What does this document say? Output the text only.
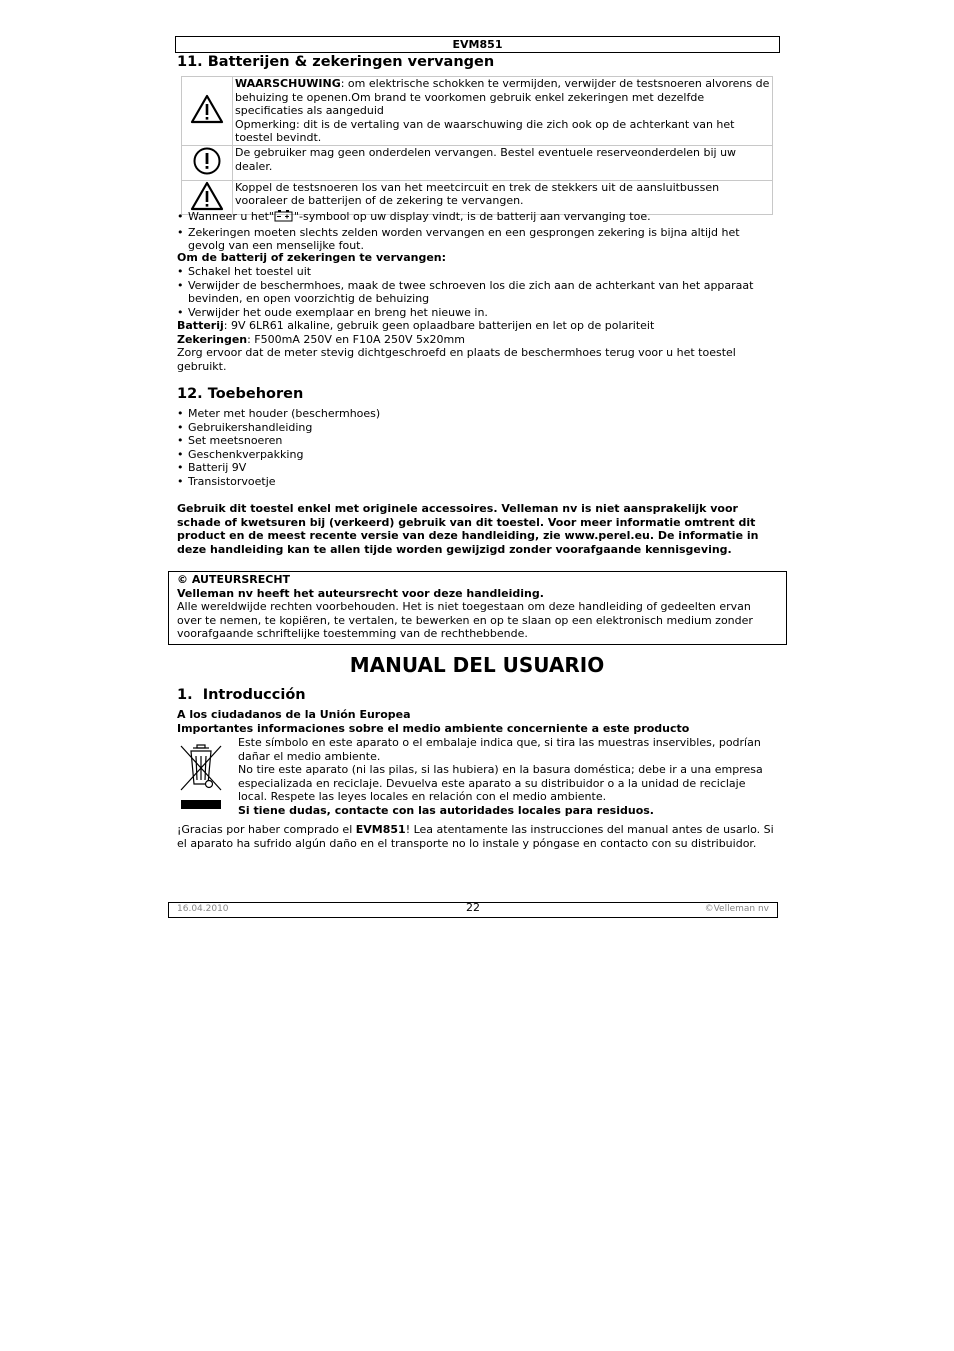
EVM851
11. Batterijen & zekeringen vervangen
	WAARSCHUWING: om elektrische schokken te vermijden, verwijder de testsnoeren alvorens de behuizing te openen.Om brand te voorkomen gebruik enkel zekeringen met dezelfde specificaties als aangeduid
Opmerking: dit is de vertaling van de waarschuwing die zich ook op de achterkant van het toestel bevindt.
	De gebruiker mag geen onderdelen vervangen. Bestel eventuele reserveonderdelen bij uw dealer.
	Koppel de testsnoeren los van het meetcircuit en trek de stekkers uit de aansluitbussen vooraleer de batterijen of de zekering te vervangen.
• Wanneer u het" "-symbool op uw display vindt, is de batterij aan vervanging toe.
• Zekeringen moeten slechts zelden worden vervangen en een gesprongen zekering is bijna altijd het gevolg van een menselijke fout.

Om de batterij of zekeringen te vervangen:

• Schakel het toestel uit
• Verwijder de beschermhoes, maak de twee schroeven los die zich aan de achterkant van het apparaat bevinden, en open voorzichtig de behuizing
• Verwijder het oude exemplaar en breng het nieuwe in.

Batterij: 9V 6LR61 alkaline, gebruik geen oplaadbare batterijen en let op de polariteit

Zekeringen: F500mA 250V en F10A 250V 5x20mm

Zorg ervoor dat de meter stevig dichtgeschroefd en plaats de beschermhoes terug voor u het toestel gebruikt.

12. Toebehoren
• Meter met houder (beschermhoes)
• Gebruikershandleiding
• Set meetsnoeren
• Geschenkverpakking
• Batterij 9V
• Transistorvoetje

Gebruik dit toestel enkel met originele accessoires. Velleman nv is niet aansprakelijk voor schade of kwetsuren bij (verkeerd) gebruik van dit toestel. Voor meer informatie omtrent dit product en de meest recente versie van deze handleiding, zie www.perel.eu. De informatie in deze handleiding kan te allen tijde worden gewijzigd zonder voorafgaande kennisgeving.

© AUTEURSRECHT

Velleman nv heeft het auteursrecht voor deze handleiding.

Alle wereldwijde rechten voorbehouden. Het is niet toegestaan om deze handleiding of gedeelten ervan over te nemen, te kopiëren, te vertalen, te bewerken en op te slaan op een elektronisch medium zonder voorafgaande schriftelijke toestemming van de rechthebbende.

MANUAL DEL USUARIO
1.  Introducción

A los ciudadanos de la Unión Europea

Importantes informaciones sobre el medio ambiente concerniente a este producto

Este símbolo en este aparato o el embalaje indica que, si tira las muestras inservibles, podrían dañar el medio ambiente.

No tire este aparato (ni las pilas, si las hubiera) en la basura doméstica; debe ir a una empresa especializada en reciclaje. Devuelva este aparato a su distribuidor o a la unidad de reciclaje local. Respete las leyes locales en relación con el medio ambiente.

Si tiene dudas, contacte con las autoridades locales para residuos.

¡Gracias por haber comprado el EVM851! Lea atentamente las instrucciones del manual antes de usarlo. Si el aparato ha sufrido algún daño en el transporte no lo instale y póngase en contacto con su distribuidor.

16.04.2010	22	©Velleman nv
